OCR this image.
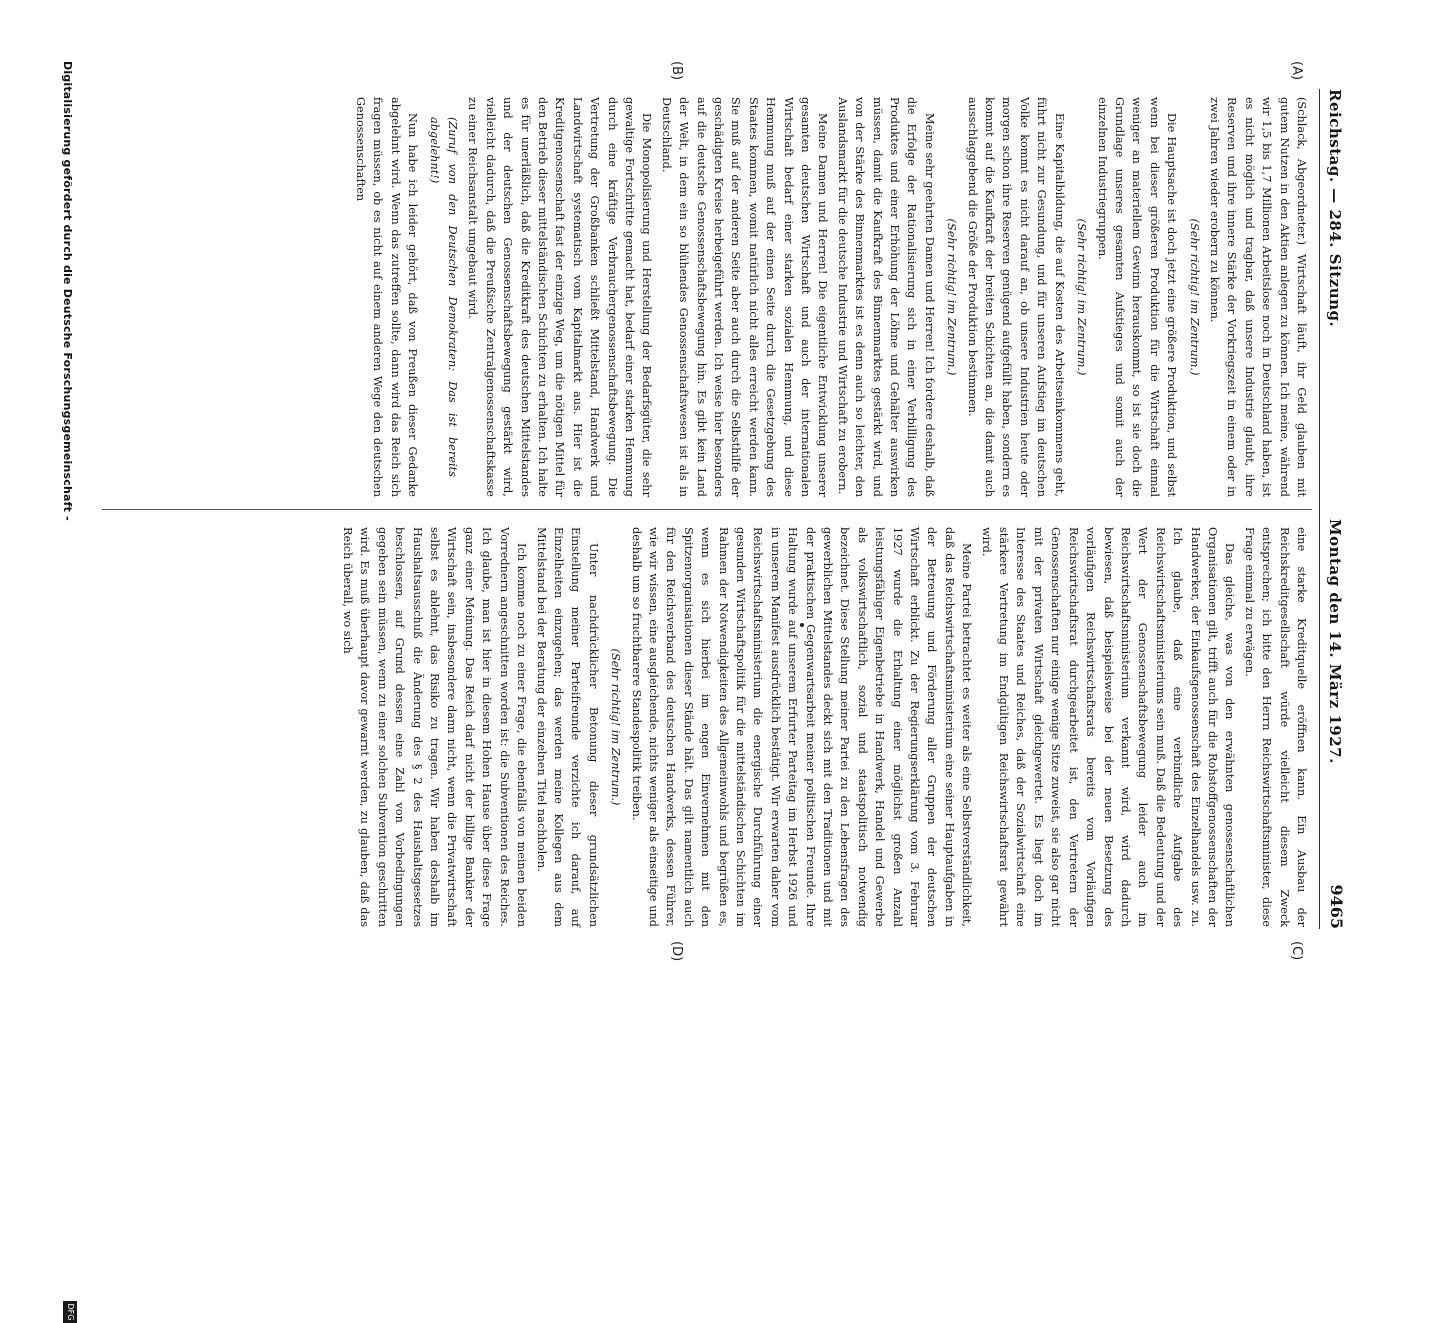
Reichstag. — 284. Sitzung.
Montag den 14. März 1927.
9465
(A)
(B)
(C)
(D)

(Schlack, Abgeordneter.) Wirtschaft läuft, ihr Geld glauben mit gutem Nutzen in den Aktien anlegen zu können. Ich meine, während wir 1,5 bis 1,7 Millionen Arbeitslose noch in Deutschland haben, ist es nicht möglich und tragbar, daß unsere Industrie glaubt, ihre Reserven und ihre innere Stärke der Vorkriegszeit in einem oder in zwei Jahren wieder erobern zu können.

(Sehr richtig! im Zentrum.)

Die Hauptsache ist doch jetzt eine größere Produktion, und selbst wenn bei dieser größeren Produktion für die Wirtschaft einmal weniger an materiellem Gewinn herauskommt, so ist sie doch die Grundlage unseres gesamten Aufstieges und somit auch der einzelnen Industriegruppen.

(Sehr richtig! im Zentrum.)

Eine Kapitalbildung, die auf Kosten des Arbeitseinkommens geht, führt nicht zur Gesundung, und für unseren Aufstieg im deutschen Volke kommt es nicht darauf an, ob unsere Industrien heute oder morgen schon ihre Reserven genügend aufgefüllt haben, sondern es kommt auf die Kaufkraft der breiten Schichten an, die damit auch ausschlaggebend die Größe der Produktion bestimmen.

(Sehr richtig! im Zentrum.)

Meine sehr geehrten Damen und Herren! Ich fordere deshalb, daß die Erfolge der Rationalisierung sich in einer Verbilligung des Produktes und einer Erhöhung der Löhne und Gehälter auswirken müssen, damit die Kaufkraft des Binnenmarktes gestärkt wird, und von der Stärke des Binnenmarktes ist es denn auch so leichter, den Auslandsmarkt für die deutsche Industrie und Wirtschaft zu erobern.

Meine Damen und Herren! Die eigentliche Entwicklung unserer gesamten deutschen Wirtschaft und auch der internationalen Wirtschaft bedarf einer starken sozialen Hemmung, und diese Hemmung muß auf der einen Seite durch die Gesetzgebung des Staates kommen, womit natürlich nicht alles erreicht werden kann. Sie muß auf der anderen Seite aber auch durch die Selbsthilfe der geschädigten Kreise herbeigeführt werden. Ich weise hier besonders auf die deutsche Genossenschaftsbewegung hin. Es gibt kein Land der Welt, in dem ein so blühendes Genossenschaftswesen ist als in Deutschland.

Die Monopolisierung und Herstellung der Bedarfsgüter, die sehr gewaltige Fortschritte gemacht hat, bedarf einer starken Hemmung durch eine kräftige Verbrauchergenossenschaftsbewegung. Die Vertretung der Großbanken schließt Mittelstand, Handwerk und Landwirtschaft systematisch vom Kapitalmarkt aus. Hier ist die Kreditgenossenschaft fast der einzige Weg, um die nötigen Mittel für den Betrieb dieser mittelständischen Schichten zu erhalten. Ich halte es für unerläßlich, daß die Kreditkraft des deutschen Mittelstandes und der deutschen Genossenschaftsbewegung gestärkt wird, vielleicht dadurch, daß die Preußische Zentralgenossenschaftskasse zu einer Reichsanstalt umgebaut wird.

(Zuruf von den Deutschen Demokraten: Das ist bereits abgelehnt!)

Nun habe ich leider gehört, daß von Preußen dieser Gedanke abgelehnt wird. Wenn das zutreffen sollte, dann wird das Reich sich fragen müssen, ob es nicht auf einem anderen Wege den deutschen Genossenschaften

eine starke Kreditquelle eröffnen kann. Ein Ausbau der Reichskreditgesellschaft würde vielleicht diesem Zweck entsprechen; ich bitte den Herrn Reichswirtschaftsminister, diese Frage einmal zu erwägen.

Das gleiche, was von den erwähnten genossenschaftlichen Organisationen gilt, trifft auch für die Rohstoffgenossenschaften der Handwerker, der Einkaufsgenossenschaft des Einzelhandels usw. zu. Ich glaube, daß eine verbindliche Aufgabe des Reichswirtschaftsministeriums sein muß. Daß die Bedeutung und der Wert der Genossenschaftsbewegung leider auch im Reichswirtschaftsministerium verkannt wird, wird dadurch bewiesen, daß beispielsweise bei der neuen Besetzung des vorläufigen Reichswirtschaftsrats bereits vom Vorläufigen Reichswirtschaftsrat durchgearbeitet ist, den Vertretern der Genossenschaften nur einige wenige Sitze zuweist, sie also gar nicht mit der privaten Wirtschaft gleichgewertet. Es liegt doch im Interesse des Staates und Reiches, daß der Sozialwirtschaft eine stärkere Vertretung im Endgültigen Reichswirtschaftsrat gewährt wird.

Meine Partei betrachtet es weiter als eine Selbstverständlichkeit, daß das Reichswirtschaftsministerium eine seiner Hauptaufgaben in der Betreuung und Förderung aller Gruppen der deutschen Wirtschaft erblickt. Zu der Regierungserklärung vom 3. Februar 1927 wurde die Erhaltung einer möglichst großen Anzahl leistungsfähiger Eigenbetriebe in Handwerk, Handel und Gewerbe als volkswirtschaftlich, sozial und staatspolitisch notwendig bezeichnet. Diese Stellung meiner Partei zu den Lebensfragen des gewerblichen Mittelstandes deckt sich mit den Traditionen und mit der praktischen Gegenwartsarbeit meiner politischen Freunde. Ihre Haltung wurde auf unserem Erfurter Parteitag im Herbst 1926 und in unserem Manifest ausdrücklich bestätigt. Wir erwarten daher vom Reichswirtschaftsministerium die energische Durchführung einer gesunden Wirtschaftspolitik für die mittelständischen Schichten im Rahmen der Notwendigkeiten des Allgemeinwohls und begrüßen es, wenn es sich hierbei im engen Einvernehmen mit den Spitzenorganisationen dieser Stände hält. Das gilt namentlich auch für den Reichsverband des deutschen Handwerks, dessen Führer, wie wir wissen, eine ausgleichende, nichts weniger als einseitige und deshalb um so fruchtbarere Standespolitik treiben.

(Sehr richtig! im Zentrum.)

Unter nachdrücklicher Betonung dieser grundsätzlichen Einstellung meiner Parteifreunde verzichte ich darauf, auf Einzelheiten einzugehen; das werden meine Kollegen aus dem Mittelstand bei der Beratung der einzelnen Titel nachholen.

Ich komme noch zu einer Frage, die ebenfalls von meinen beiden Vorrednern angeschnitten worden ist: die Subventionen des Reiches. Ich glaube, man ist hier in diesem Hohen Hause über diese Frage ganz einer Meinung. Das Reich darf nicht der billige Bankier der Wirtschaft sein, insbesondere dann nicht, wenn die Privatwirtschaft selbst es ablehnt, das Risiko zu tragen. Wir haben deshalb im Haushaltsausschuß die Änderung des § 2 des Haushaltsgesetzes beschlossen, auf Grund dessen eine Zahl von Vorbedingungen gegeben sein müssen, wenn zu einer solchen Subvention geschritten wird. Es muß überhaupt davor gewarnt werden, zu glauben, daß das Reich überall, wo sich

Digitalisierung gefördert durch die Deutsche Forschungsgemeinschaft -
DFG
